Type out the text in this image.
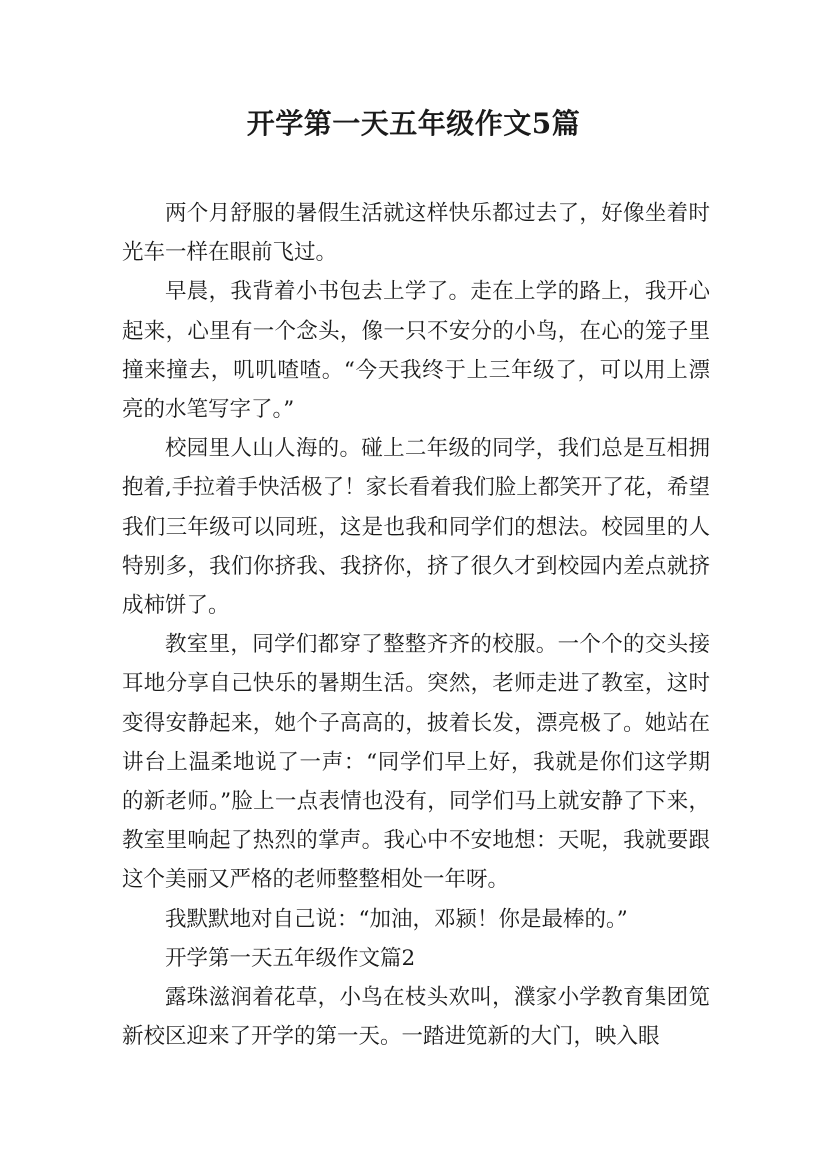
开学第一天五年级作文5篇

两个月舒服的暑假生活就这样快乐都过去了，好像坐着时光车一样在眼前飞过。

早晨，我背着小书包去上学了。走在上学的路上，我开心起来，心里有一个念头，像一只不安分的小鸟，在心的笼子里撞来撞去，叽叽喳喳。“今天我终于上三年级了，可以用上漂亮的水笔写字了。”

校园里人山人海的。碰上二年级的同学，我们总是互相拥抱着,手拉着手快活极了！家长看着我们脸上都笑开了花，希望我们三年级可以同班，这是也我和同学们的想法。校园里的人特别多，我们你挤我、我挤你，挤了很久才到校园内差点就挤成柿饼了。

教室里，同学们都穿了整整齐齐的校服。一个个的交头接耳地分享自己快乐的暑期生活。突然，老师走进了教室，这时变得安静起来，她个子高高的，披着长发，漂亮极了。她站在讲台上温柔地说了一声：“同学们早上好，我就是你们这学期的新老师。”脸上一点表情也没有，同学们马上就安静了下来，教室里响起了热烈的掌声。我心中不安地想：天呢，我就要跟这个美丽又严格的老师整整相处一年呀。

我默默地对自己说：“加油，邓颍！你是最棒的。”

开学第一天五年级作文篇2

露珠滋润着花草，小鸟在枝头欢叫，濮家小学教育集团笕新校区迎来了开学的第一天。一踏进笕新的大门，映入眼
